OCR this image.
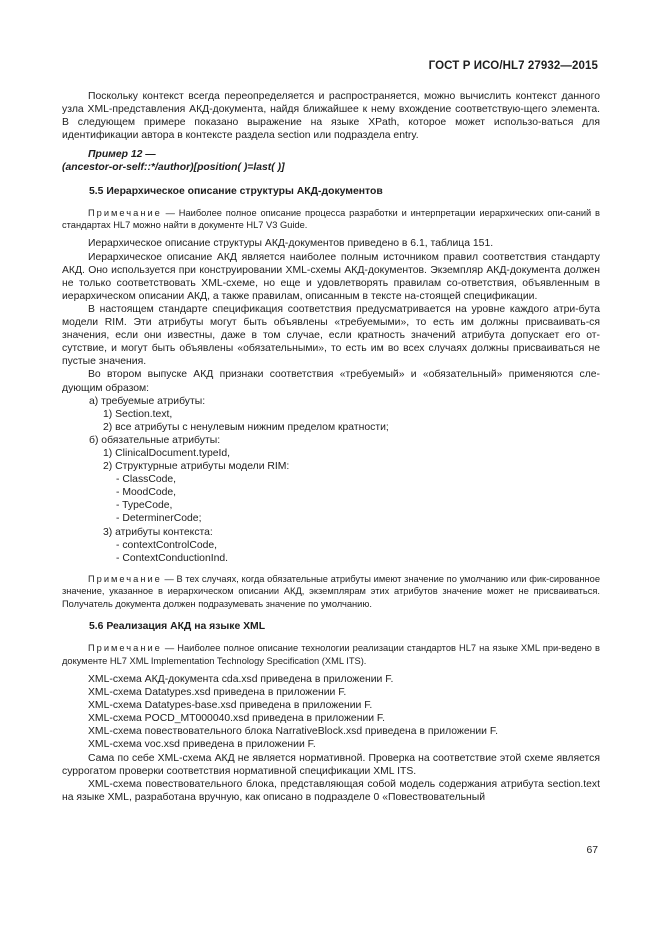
ГОСТ Р ИСО/HL7 27932—2015

Поскольку контекст всегда переопределяется и распространяется, можно вычислить контекст данного узла XML-представления АКД-документа, найдя ближайшее к нему вхождение соответствую-щего элемента. В следующем примере показано выражение на языке XPath, которое может использо-ваться для идентификации автора в контексте раздела section или подраздела entry.

Пример 12 —

(ancestor-or-self::*/author)[position( )=last( )]

5.5 Иерархическое описание структуры АКД-документов

Примечание — Наиболее полное описание процесса разработки и интерпретации иерархических опи-саний в стандартах HL7 можно найти в документе HL7 V3 Guide.

Иерархическое описание структуры АКД-документов приведено в 6.1, таблица 151.

Иерархическое описание АКД является наиболее полным источником правил соответствия стандарту АКД. Оно используется при конструировании XML-схемы АКД-документов. Экземпляр АКД-документа должен не только соответствовать XML-схеме, но еще и удовлетворять правилам со-ответствия, объявленным в иерархическом описании АКД, а также правилам, описанным в тексте на-стоящей спецификации.

В настоящем стандарте спецификация соответствия предусматривается на уровне каждого атри-бута модели RIM. Эти атрибуты могут быть объявлены «требуемыми», то есть им должны присваивать-ся значения, если они известны, даже в том случае, если кратность значений атрибута допускает его от-сутствие, и могут быть объявлены «обязательными», то есть им во всех случаях должны присваиваться не пустые значения.

Во втором выпуске АКД признаки соответствия «требуемый» и «обязательный» применяются сле-дующим образом:

а) требуемые атрибуты:
1) Section.text,
2) все атрибуты с ненулевым нижним пределом кратности;
б) обязательные атрибуты:
1) ClinicalDocument.typeId,
2) Структурные атрибуты модели RIM:
- ClassCode,
- MoodCode,
- TypeCode,
- DeterminerCode;
3) атрибуты контекста:
- contextControlCode,
- ContextConductionInd.

Примечание — В тех случаях, когда обязательные атрибуты имеют значение по умолчанию или фик-сированное значение, указанное в иерархическом описании АКД, экземплярам этих атрибутов значение может не присваиваться. Получатель документа должен подразумевать значение по умолчанию.

5.6 Реализация АКД на языке XML

Примечание — Наиболее полное описание технологии реализации стандартов HL7 на языке XML при-ведено в документе HL7 XML Implementation Technology Specification (XML ITS).

XML-схема АКД-документа cda.xsd приведена в приложении F.

XML-схема Datatypes.xsd приведена в приложении F.

XML-схема Datatypes-base.xsd приведена в приложении F.

XML-схема POCD_MT000040.xsd приведена в приложении F.

XML-схема повествовательного блока NarrativeBlock.xsd приведена в приложении F.

XML-схема voc.xsd приведена в приложении F.

Сама по себе XML-схема АКД не является нормативной. Проверка на соответствие этой схеме является суррогатом проверки соответствия нормативной спецификации XML ITS.

XML-схема повествовательного блока, представляющая собой модель содержания атрибута section.text на языке XML, разработана вручную, как описано в подразделе 0 «Повествовательный

67
